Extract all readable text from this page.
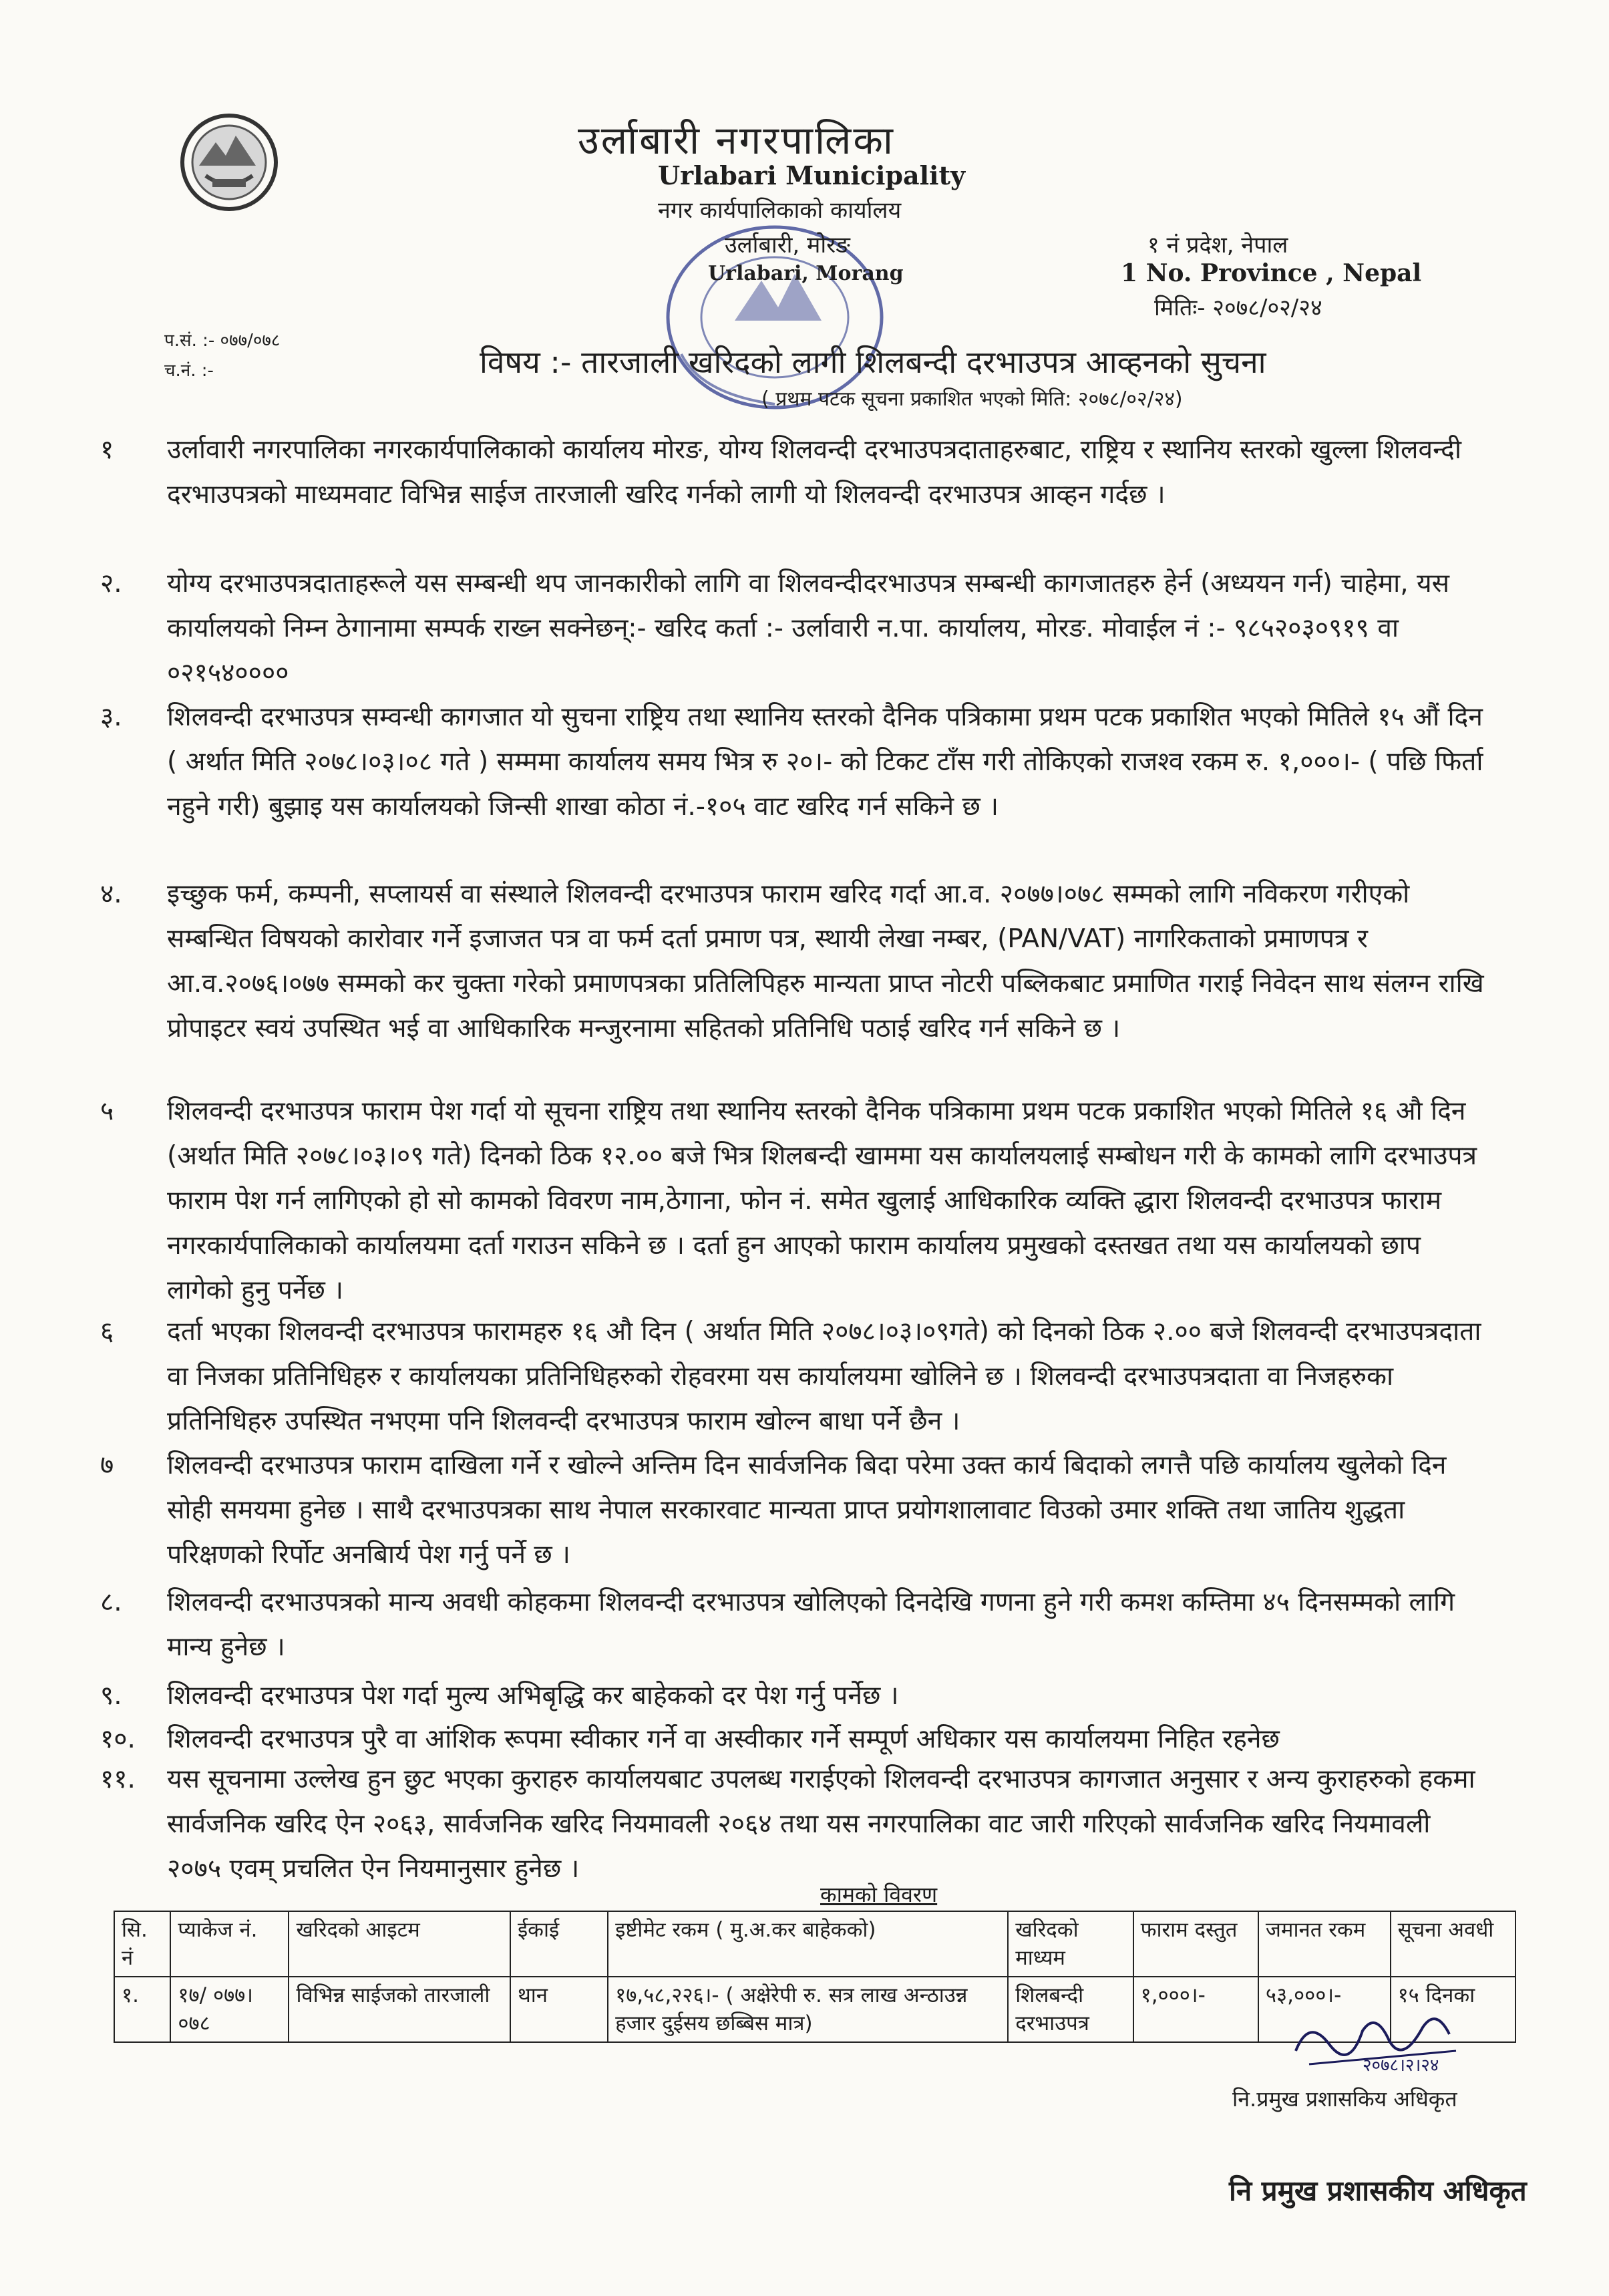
उर्लाबारी नगरपालिका
Urlabari Municipality
नगर कार्यपालिकाको कार्यालय
उर्लाबारी, मोरङ
Urlabari, Morang
१ नं प्रदेश, नेपाल
1 No. Province , Nepal
मितिः- २०७८/०२/२४
प.सं. :- ०७७/०७८
च.नं. :-	विषय :- तारजाली खरिदको लागी शिलबन्दी दरभाउपत्र आव्हनको सुचना
( प्रथम पटक सूचना प्रकाशित भएको मिति: २०७८/०२/२४)
१ उर्लावारी नगरपालिका नगरकार्यपालिकाको कार्यालय मोरङ, योग्य शिलवन्दी दरभाउपत्रदाताहरुबाट, राष्ट्रिय र स्थानिय स्तरको खुल्ला शिलवन्दी दरभाउपत्रको माध्यमवाट विभिन्न साईज तारजाली खरिद गर्नको लागी यो शिलवन्दी दरभाउपत्र आव्हन गर्दछ ।
२. योग्य दरभाउपत्रदाताहरूले यस सम्बन्धी थप जानकारीको लागि वा शिलवन्दीदरभाउपत्र सम्बन्धी कागजातहरु हेर्न (अध्ययन गर्न) चाहेमा, यस कार्यालयको निम्न ठेगानामा सम्पर्क राख्न सक्नेछन्:- खरिद कर्ता :- उर्लावारी न.पा. कार्यालय, मोरङ. मोवाईल नं :- ९८५२०३०९१९ वा ०२१५४००००
३. शिलवन्दी दरभाउपत्र सम्वन्धी कागजात यो सुचना राष्ट्रिय तथा स्थानिय स्तरको दैनिक पत्रिकामा प्रथम पटक प्रकाशित भएको मितिले १५ औं दिन ( अर्थात मिति २०७८।०३।०८ गते ) सम्ममा कार्यालय समय भित्र रु २०।- को टिकट टाँस गरी तोकिएको राजश्व रकम रु. १,०००।- ( पछि फिर्ता नहुने गरी) बुझाइ यस कार्यालयको जिन्सी शाखा कोठा नं.-१०५ वाट खरिद गर्न सकिने छ ।
४. इच्छुक फर्म, कम्पनी, सप्लायर्स वा संस्थाले शिलवन्दी दरभाउपत्र फाराम खरिद गर्दा आ.व. २०७७।०७८ सम्मको लागि नविकरण गरीएको सम्बन्धित विषयको कारोवार गर्ने इजाजत पत्र वा फर्म दर्ता प्रमाण पत्र, स्थायी लेखा नम्बर, (PAN/VAT) नागरिकताको प्रमाणपत्र र आ.व.२०७६।०७७ सम्मको कर चुक्ता गरेको प्रमाणपत्रका प्रतिलिपिहरु मान्यता प्राप्त नोटरी पब्लिकबाट प्रमाणित गराई निवेदन साथ संलग्न राखि प्रोपाइटर स्वयं उपस्थित भई वा आधिकारिक मन्जुरनामा सहितको प्रतिनिधि पठाई खरिद गर्न सकिने छ ।
५ शिलवन्दी दरभाउपत्र फाराम पेश गर्दा यो सूचना राष्ट्रिय तथा स्थानिय स्तरको दैनिक पत्रिकामा प्रथम पटक प्रकाशित भएको मितिले १६ औ दिन (अर्थात मिति २०७८।०३।०९ गते) दिनको ठिक १२.०० बजे भित्र शिलबन्दी खाममा यस कार्यालयलाई सम्बोधन गरी के कामको लागि दरभाउपत्र फाराम पेश गर्न लागिएको हो सो कामको विवरण नाम,ठेगाना, फोन नं. समेत खुलाई आधिकारिक व्यक्ति द्धारा शिलवन्दी दरभाउपत्र फाराम नगरकार्यपालिकाको कार्यालयमा दर्ता गराउन सकिने छ । दर्ता हुन आएको फाराम कार्यालय प्रमुखको दस्तखत तथा यस कार्यालयको छाप लागेको हुनु पर्नेछ ।
६ दर्ता भएका शिलवन्दी दरभाउपत्र फारामहरु १६ औ दिन ( अर्थात मिति २०७८।०३।०९गते) को दिनको ठिक २.०० बजे शिलवन्दी दरभाउपत्रदाता वा निजका प्रतिनिधिहरु र कार्यालयका प्रतिनिधिहरुको रोहवरमा यस कार्यालयमा खोलिने छ । शिलवन्दी दरभाउपत्रदाता वा निजहरुका प्रतिनिधिहरु उपस्थित नभएमा पनि शिलवन्दी दरभाउपत्र फाराम खोल्न बाधा पर्ने छैन ।
७ शिलवन्दी दरभाउपत्र फाराम दाखिला गर्ने र खोल्ने अन्तिम दिन सार्वजनिक बिदा परेमा उक्त कार्य बिदाको लगत्तै पछि कार्यालय खुलेको दिन सोही समयमा हुनेछ । साथै दरभाउपत्रका साथ नेपाल सरकारवाट मान्यता प्राप्त प्रयोगशालावाट विउको उमार शक्ति तथा जातिय शुद्धता परिक्षणको रिर्पोट अनबिार्य पेश गर्नु पर्ने छ ।
८. शिलवन्दी दरभाउपत्रको मान्य अवधी कोहकमा शिलवन्दी दरभाउपत्र खोलिएको दिनदेखि गणना हुने गरी कमश कम्तिमा ४५ दिनसम्मको लागि मान्य हुनेछ ।
९. शिलवन्दी दरभाउपत्र पेश गर्दा मुल्य अभिबृद्धि कर बाहेकको दर पेश गर्नु पर्नेछ ।
१०. शिलवन्दी दरभाउपत्र पुरै वा आंशिक रूपमा स्वीकार गर्ने वा अस्वीकार गर्ने सम्पूर्ण अधिकार यस कार्यालयमा निहित रहनेछ
११. यस सूचनामा उल्लेख हुन छुट भएका कुराहरु कार्यालयबाट उपलब्ध गराईएको शिलवन्दी दरभाउपत्र कागजात अनुसार र अन्य कुराहरुको हकमा सार्वजनिक खरिद ऐन २०६३, सार्वजनिक खरिद नियमावली २०६४ तथा यस नगरपालिका वाट जारी गरिएको सार्वजनिक खरिद नियमावली २०७५ एवम् प्रचलित ऐन नियमानुसार हुनेछ ।
कामको विवरण
सि. नं	प्याकेज नं.	खरिदको आइटम	ईकाई	इष्टीमेट रकम ( मु.अ.कर बाहेकको)	खरिदको माध्यम	फाराम दस्तुत	जमानत रकम	सूचना अवधी
१.	१७/ ०७७।०७८	विभिन्न साईजको तारजाली	थान	१७,५८,२२६।- ( अक्षेरेपी रु. सत्र लाख अन्ठाउन्न हजार दुईसय छब्बिस मात्र)	शिलबन्दी दरभाउपत्र	१,०००।-	५३,०००।-	१५ दिनका
२०७८।२।२४
नि.प्रमुख प्रशासकिय अधिकृत
नि प्रमुख प्रशासकीय अधिकृत
